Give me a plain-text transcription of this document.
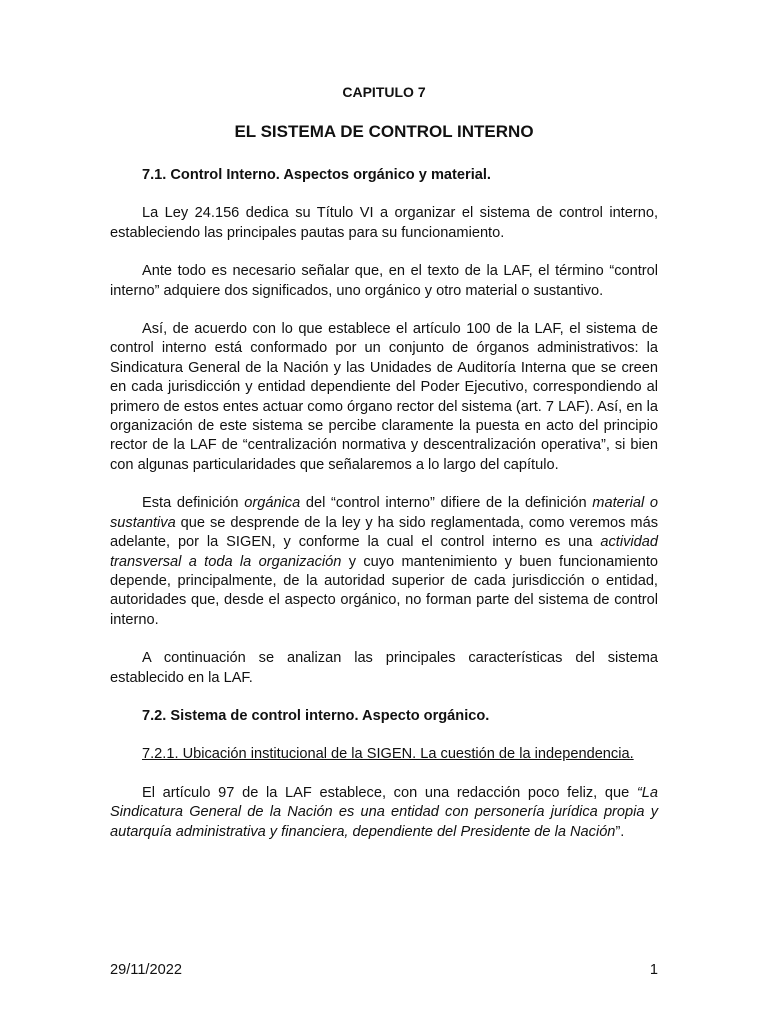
CAPITULO 7
EL SISTEMA DE CONTROL INTERNO
7.1. Control Interno. Aspectos orgánico y material.

La Ley 24.156 dedica su Título VI a organizar el sistema de control interno, estableciendo las principales pautas para su funcionamiento.

Ante todo es necesario señalar que, en el texto de la LAF, el término “control interno” adquiere dos significados, uno orgánico y otro material o sustantivo.

Así, de acuerdo con lo que establece el artículo 100 de la LAF, el sistema de control interno está conformado por un conjunto de órganos administrativos: la Sindicatura General de la Nación y las Unidades de Auditoría Interna que se creen en cada jurisdicción y entidad dependiente del Poder Ejecutivo, correspondiendo al primero de estos entes actuar como órgano rector del sistema (art. 7 LAF). Así, en la organización de este sistema se percibe claramente la puesta en acto del principio rector de la LAF de “centralización normativa y descentralización operativa”, si bien con algunas particularidades que señalaremos a lo largo del capítulo.

Esta definición orgánica del “control interno” difiere de la definición material o sustantiva que se desprende de la ley y ha sido reglamentada, como veremos más adelante, por la SIGEN, y conforme la cual el control interno es una actividad transversal a toda la organización y cuyo mantenimiento y buen funcionamiento depende, principalmente, de la autoridad superior de cada jurisdicción o entidad, autoridades que, desde el aspecto orgánico, no forman parte del sistema de control interno.

A continuación se analizan las principales características del sistema establecido en la LAF.

7.2. Sistema de control interno. Aspecto orgánico.

7.2.1. Ubicación institucional de la SIGEN. La cuestión de la independencia.

El artículo 97 de la LAF establece, con una redacción poco feliz, que “La Sindicatura General de la Nación es una entidad con personería jurídica propia y autarquía administrativa y financiera, dependiente del Presidente de la Nación”.

29/11/2022	1
